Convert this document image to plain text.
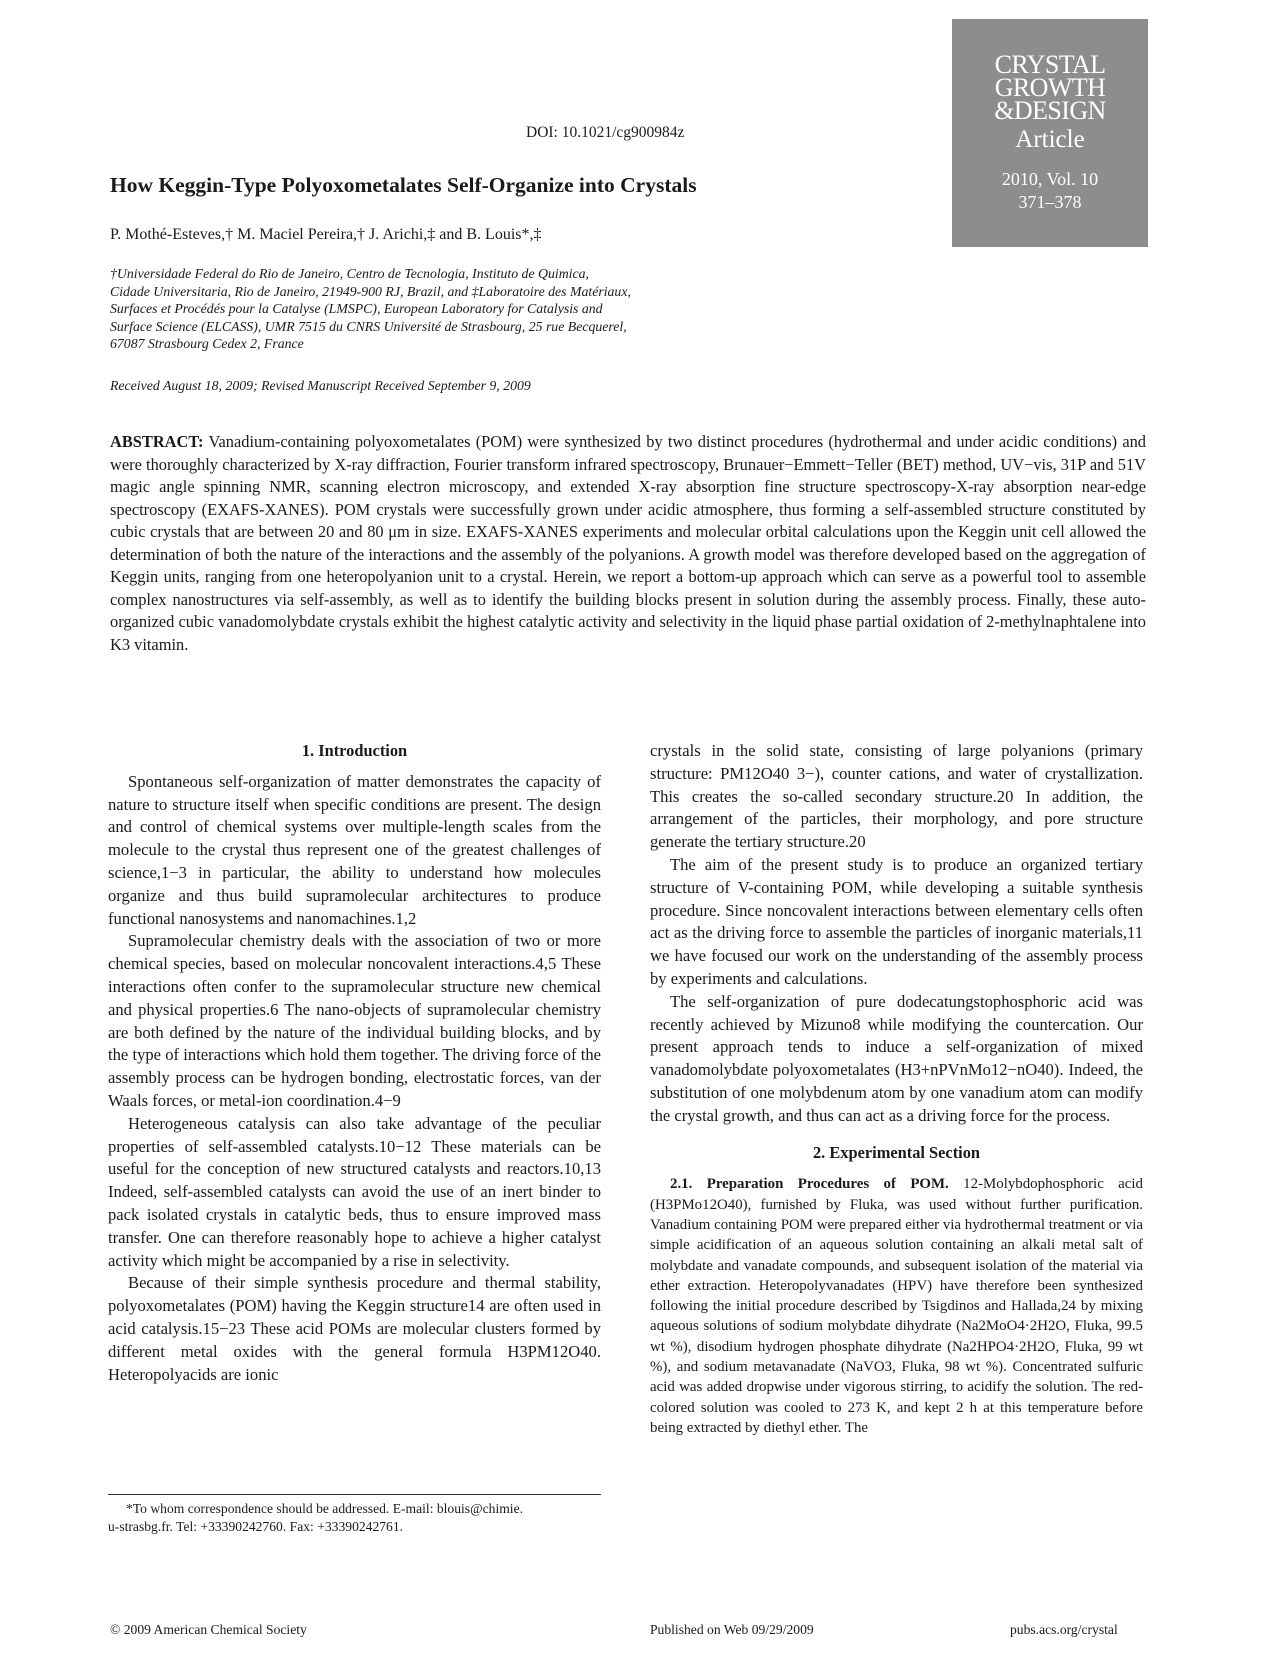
DOI: 10.1021/cg900984z
How Keggin-Type Polyoxometalates Self-Organize into Crystals
P. Mothé-Esteves,† M. Maciel Pereira,† J. Arichi,‡ and B. Louis*,‡
†Universidade Federal do Rio de Janeiro, Centro de Tecnologia, Instituto de Quimica,
Cidade Universitaria, Rio de Janeiro, 21949-900 RJ, Brazil, and ‡Laboratoire des Matériaux,
Surfaces et Procédés pour la Catalyse (LMSPC), European Laboratory for Catalysis and
Surface Science (ELCASS), UMR 7515 du CNRS Université de Strasbourg, 25 rue Becquerel,
67087 Strasbourg Cedex 2, France
Received August 18, 2009; Revised Manuscript Received September 9, 2009
CRYSTAL
GROWTH
&DESIGN
Article
2010, Vol. 10
371–378
ABSTRACT: Vanadium-containing polyoxometalates (POM) were synthesized by two distinct procedures (hydrothermal and under acidic conditions) and were thoroughly characterized by X-ray diffraction, Fourier transform infrared spectroscopy, Brunauer−Emmett−Teller (BET) method, UV−vis, 31P and 51V magic angle spinning NMR, scanning electron microscopy, and extended X-ray absorption fine structure spectroscopy-X-ray absorption near-edge spectroscopy (EXAFS-XANES). POM crystals were successfully grown under acidic atmosphere, thus forming a self-assembled structure constituted by cubic crystals that are between 20 and 80 μm in size. EXAFS-XANES experiments and molecular orbital calculations upon the Keggin unit cell allowed the determination of both the nature of the interactions and the assembly of the polyanions. A growth model was therefore developed based on the aggregation of Keggin units, ranging from one heteropolyanion unit to a crystal. Herein, we report a bottom-up approach which can serve as a powerful tool to assemble complex nanostructures via self-assembly, as well as to identify the building blocks present in solution during the assembly process. Finally, these auto-organized cubic vanadomolybdate crystals exhibit the highest catalytic activity and selectivity in the liquid phase partial oxidation of 2-methylnaphtalene into K3 vitamin.
1. Introduction

Spontaneous self-organization of matter demonstrates the capacity of nature to structure itself when specific conditions are present. The design and control of chemical systems over multiple-length scales from the molecule to the crystal thus represent one of the greatest challenges of science,1−3 in particular, the ability to understand how molecules organize and thus build supramolecular architectures to produce functional nanosystems and nanomachines.1,2

Supramolecular chemistry deals with the association of two or more chemical species, based on molecular noncovalent interactions.4,5 These interactions often confer to the supramolecular structure new chemical and physical properties.6 The nano-objects of supramolecular chemistry are both defined by the nature of the individual building blocks, and by the type of interactions which hold them together. The driving force of the assembly process can be hydrogen bonding, electrostatic forces, van der Waals forces, or metal-ion coordination.4−9

Heterogeneous catalysis can also take advantage of the peculiar properties of self-assembled catalysts.10−12 These materials can be useful for the conception of new structured catalysts and reactors.10,13 Indeed, self-assembled catalysts can avoid the use of an inert binder to pack isolated crystals in catalytic beds, thus to ensure improved mass transfer. One can therefore reasonably hope to achieve a higher catalyst activity which might be accompanied by a rise in selectivity.

Because of their simple synthesis procedure and thermal stability, polyoxometalates (POM) having the Keggin structure14 are often used in acid catalysis.15−23 These acid POMs are molecular clusters formed by different metal oxides with the general formula H3PM12O40. Heteropolyacids are ionic

crystals in the solid state, consisting of large polyanions (primary structure: PM12O40 3−), counter cations, and water of crystallization. This creates the so-called secondary structure.20 In addition, the arrangement of the particles, their morphology, and pore structure generate the tertiary structure.20

The aim of the present study is to produce an organized tertiary structure of V-containing POM, while developing a suitable synthesis procedure. Since noncovalent interactions between elementary cells often act as the driving force to assemble the particles of inorganic materials,11 we have focused our work on the understanding of the assembly process by experiments and calculations.

The self-organization of pure dodecatungstophosphoric acid was recently achieved by Mizuno8 while modifying the countercation. Our present approach tends to induce a self-organization of mixed vanadomolybdate polyoxometalates (H3+nPVnMo12−nO40). Indeed, the substitution of one molybdenum atom by one vanadium atom can modify the crystal growth, and thus can act as a driving force for the process.

2. Experimental Section

2.1. Preparation Procedures of POM. 12-Molybdophosphoric acid (H3PMo12O40), furnished by Fluka, was used without further purification. Vanadium containing POM were prepared either via hydrothermal treatment or via simple acidification of an aqueous solution containing an alkali metal salt of molybdate and vanadate compounds, and subsequent isolation of the material via ether extraction. Heteropolyvanadates (HPV) have therefore been synthesized following the initial procedure described by Tsigdinos and Hallada,24 by mixing aqueous solutions of sodium molybdate dihydrate (Na2MoO4·2H2O, Fluka, 99.5 wt %), disodium hydrogen phosphate dihydrate (Na2HPO4·2H2O, Fluka, 99 wt %), and sodium metavanadate (NaVO3, Fluka, 98 wt %). Concentrated sulfuric acid was added dropwise under vigorous stirring, to acidify the solution. The red-colored solution was cooled to 273 K, and kept 2 h at this temperature before being extracted by diethyl ether. The

*To whom correspondence should be addressed. E-mail: blouis@chimie.
u-strasbg.fr. Tel: +33390242760. Fax: +33390242761.
© 2009 American Chemical Society	Published on Web 09/29/2009	pubs.acs.org/crystal
